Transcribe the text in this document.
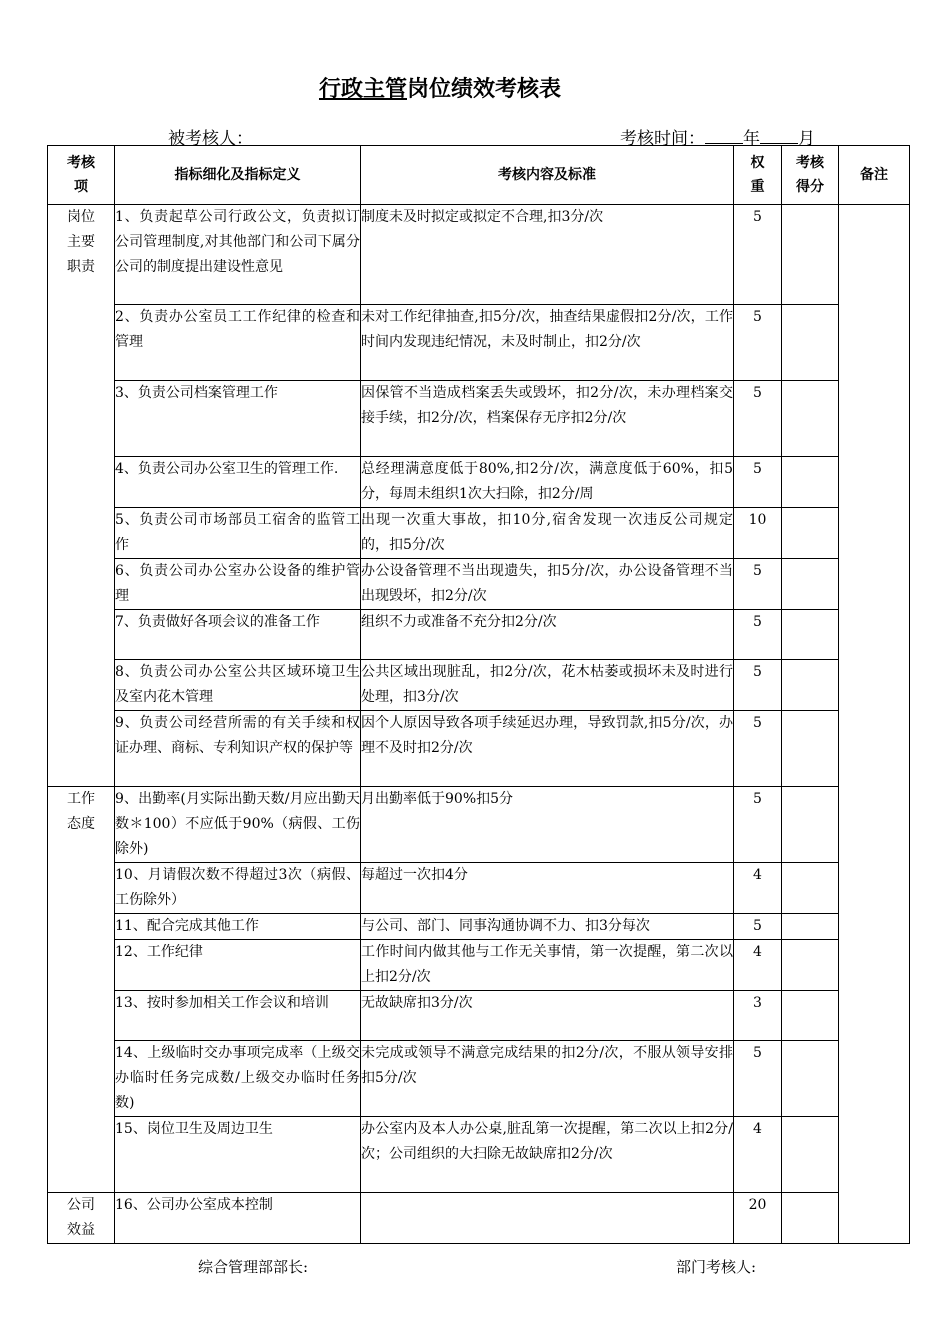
行政主管岗位绩效考核表
被考核人：	考核时间： 年 月
考核项	指标细化及指标定义	考核内容及标准	权重	考核得分	备注

岗位主要职责	1、负责起草公司行政公文，负责拟订公司管理制度,对其他部门和公司下属分公司的制度提出建设性意见	制度未及时拟定或拟定不合理,扣3分/次	5		
	2、负责办公室员工工作纪律的检查和管理	未对工作纪律抽查,扣5分/次，抽查结果虚假扣2分/次，工作时间内发现违纪情况，未及时制止，扣2分/次	5		
	3、负责公司档案管理工作	因保管不当造成档案丢失或毁坏，扣2分/次，未办理档案交接手续，扣2分/次，档案保存无序扣2分/次	5		
	4、负责公司办公室卫生的管理工作.	总经理满意度低于80%,扣2分/次，满意度低于60%，扣5分，每周未组织1次大扫除，扣2分/周	5		
	5、负责公司市场部员工宿舍的监管工作	出现一次重大事故，扣10分,宿舍发现一次违反公司规定的，扣5分/次	10		
	6、负责公司办公室办公设备的维护管理	办公设备管理不当出现遗失，扣5分/次，办公设备管理不当出现毁坏，扣2分/次	5		
	7、负责做好各项会议的准备工作	组织不力或准备不充分扣2分/次	5		
	8、负责公司办公室公共区域环境卫生及室内花木管理	公共区域出现脏乱，扣2分/次，花木枯萎或损坏未及时进行处理，扣3分/次	5		
	9、负责公司经营所需的有关手续和权证办理、商标、专利知识产权的保护等	因个人原因导致各项手续延迟办理，导致罚款,扣5分/次，办理不及时扣2分/次	5		

工作态度	9、出勤率(月实际出勤天数/月应出勤天数＊100）不应低于90%（病假、工伤除外)	月出勤率低于90%扣5分	5		
	10、月请假次数不得超过3次（病假、工伤除外）	每超过一次扣4分	4		
	11、配合完成其他工作	与公司、部门、同事沟通协调不力、扣3分每次	5		
	12、工作纪律	工作时间内做其他与工作无关事情，第一次提醒，第二次以上扣2分/次	4		
	13、按时参加相关工作会议和培训	无故缺席扣3分/次	3		
	14、上级临时交办事项完成率（上级交办临时任务完成数/上级交办临时任务数)	未完成或领导不满意完成结果的扣2分/次，不服从领导安排扣5分/次	5		
	15、岗位卫生及周边卫生	办公室内及本人办公桌,脏乱第一次提醒，第二次以上扣2分/次；公司组织的大扫除无故缺席扣2分/次	4		

公司效益	16、公司办公室成本控制		20		
综合管理部部长:	部门考核人:
